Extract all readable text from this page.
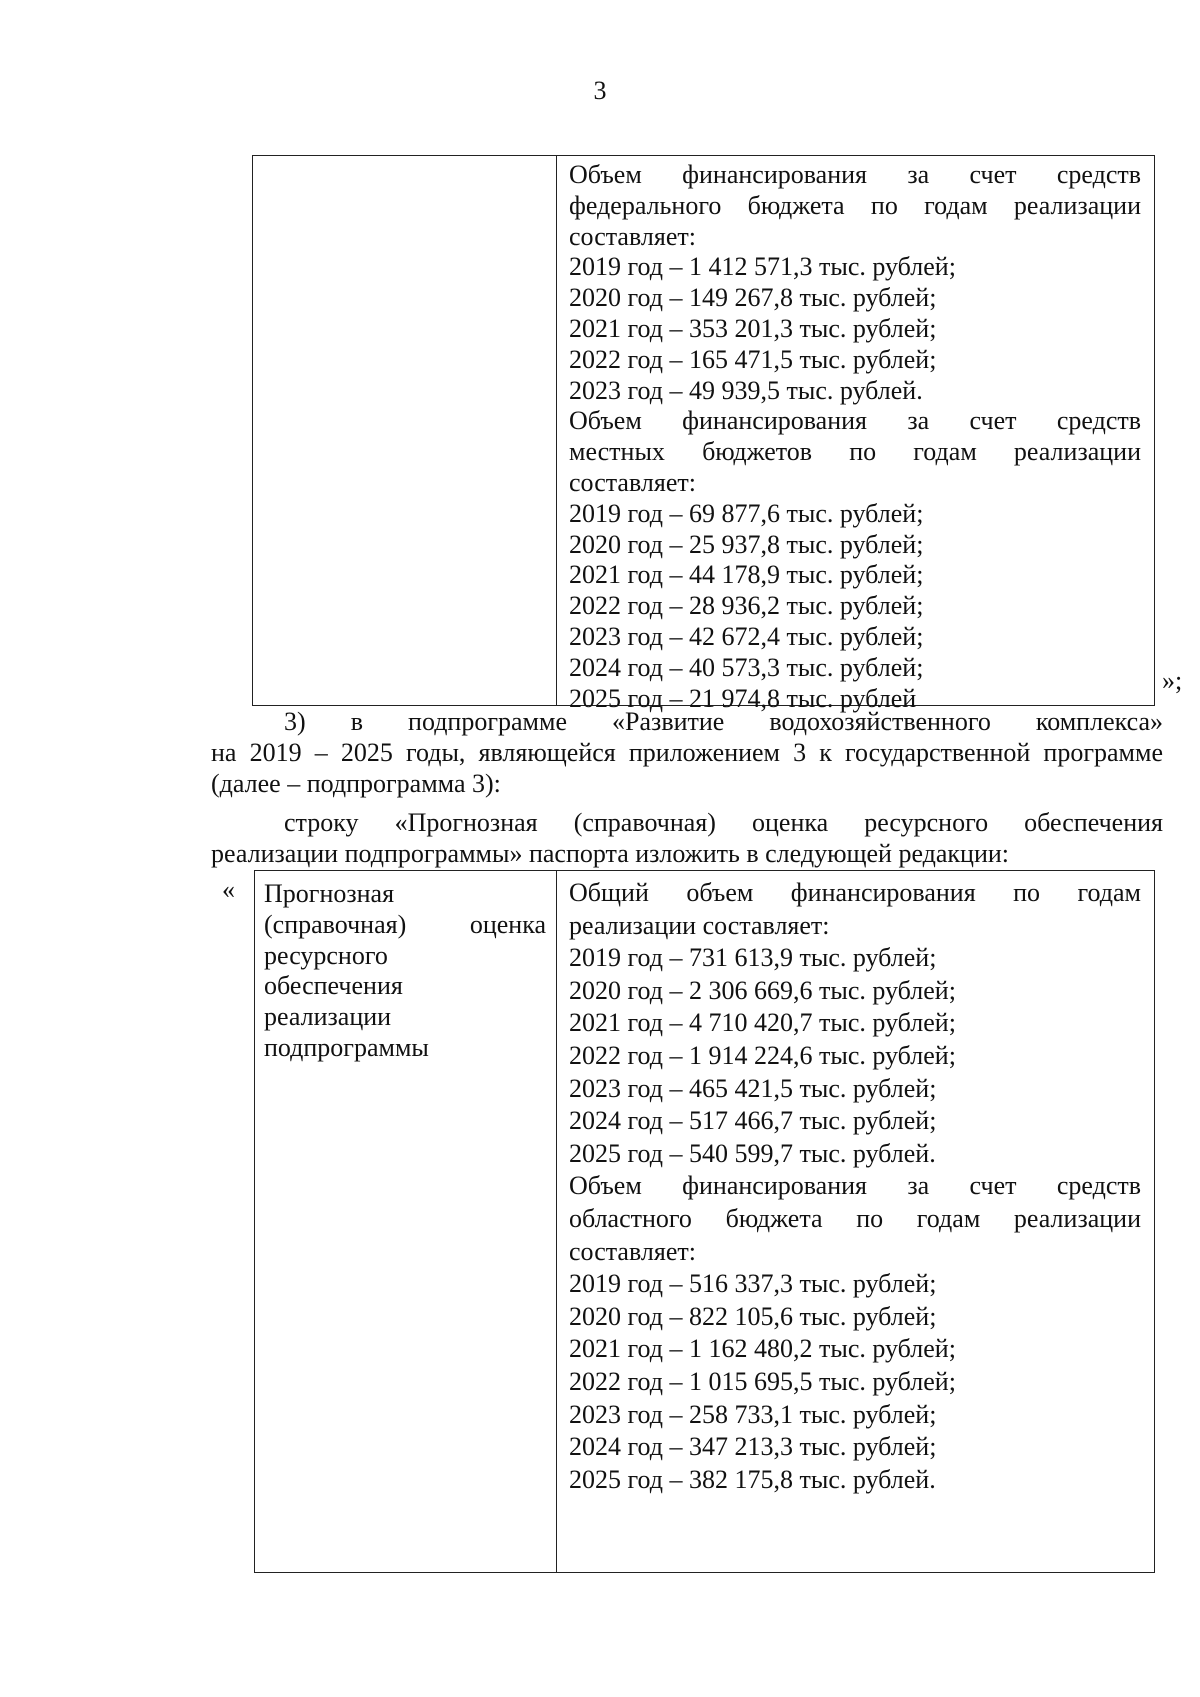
3
Объем финансирования за счет средств
федерального бюджета по годам реализации
составляет:
2019 год – 1 412 571,3 тыс. рублей;
2020 год – 149 267,8 тыс. рублей;
2021 год – 353 201,3 тыс. рублей;
2022 год – 165 471,5 тыс. рублей;
2023 год – 49 939,5 тыс. рублей.
Объем финансирования за счет средств
местных бюджетов по годам реализации
составляет:
2019 год – 69 877,6 тыс. рублей;
2020 год – 25 937,8 тыс. рублей;
2021 год – 44 178,9 тыс. рублей;
2022 год – 28 936,2 тыс. рублей;
2023 год – 42 672,4 тыс. рублей;
2024 год – 40 573,3 тыс. рублей;
2025 год – 21 974,8 тыс. рублей
»;
3) в подпрограмме «Развитие водохозяйственного комплекса»
на 2019 – 2025 годы, являющейся приложением 3 к государственной программе
(далее – подпрограмма 3):
строку «Прогнозная (справочная) оценка ресурсного обеспечения
реализации подпрограммы» паспорта изложить в следующей редакции:
« Прогнозная
(справочная) оценка
ресурсного
обеспечения
реализации
подпрограммы
Общий объем финансирования по годам
реализации составляет:
2019 год – 731 613,9 тыс. рублей;
2020 год – 2 306 669,6 тыс. рублей;
2021 год – 4 710 420,7 тыс. рублей;
2022 год – 1 914 224,6 тыс. рублей;
2023 год – 465 421,5 тыс. рублей;
2024 год – 517 466,7 тыс. рублей;
2025 год – 540 599,7 тыс. рублей.
Объем финансирования за счет средств
областного бюджета по годам реализации
составляет:
2019 год – 516 337,3 тыс. рублей;
2020 год – 822 105,6 тыс. рублей;
2021 год – 1 162 480,2 тыс. рублей;
2022 год – 1 015 695,5 тыс. рублей;
2023 год – 258 733,1 тыс. рублей;
2024 год – 347 213,3 тыс. рублей;
2025 год – 382 175,8 тыс. рублей.
